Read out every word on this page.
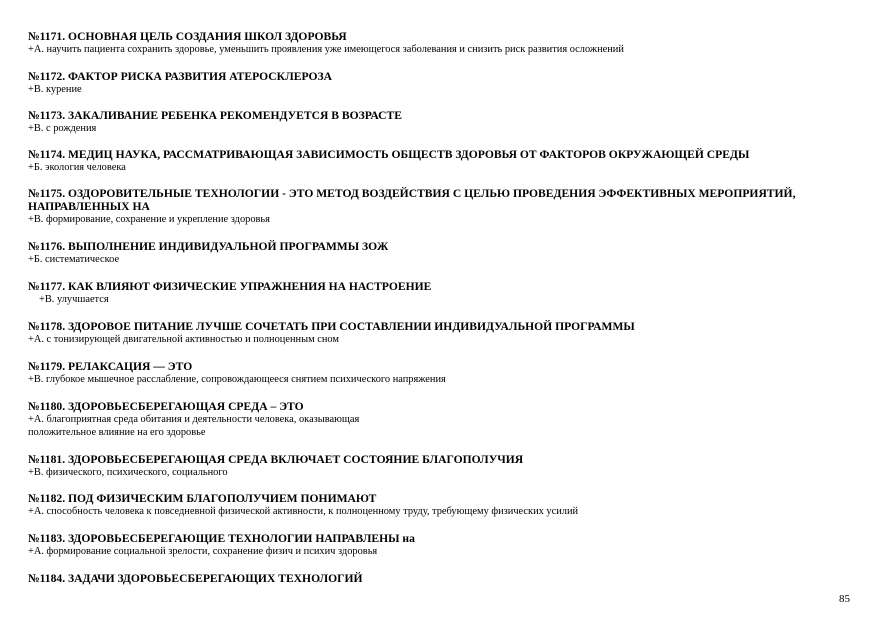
№1171. ОСНОВНАЯ ЦЕЛЬ СОЗДАНИЯ ШКОЛ ЗДОРОВЬЯ
+А. научить пациента сохранить здоровье, уменьшить проявления уже имеющегося заболевания и снизить риск развития осложнений
№1172. ФАКТОР РИСКА РАЗВИТИЯ АТЕРОСКЛЕРОЗА
+В. курение
№1173. ЗАКАЛИВАНИЕ РЕБЕНКА РЕКОМЕНДУЕТСЯ В ВОЗРАСТЕ
+В. с рождения
№1174. МЕДИЦ НАУКА, РАССМАТРИВАЮЩАЯ ЗАВИСИМОСТЬ ОБЩЕСТВ ЗДОРОВЬЯ ОТ ФАКТОРОВ ОКРУЖАЮЩЕЙ СРЕДЫ
+Б. экология человека
№1175. ОЗДОРОВИТЕЛЬНЫЕ ТЕХНОЛОГИИ - ЭТО МЕТОД ВОЗДЕЙСТВИЯ С ЦЕЛЬЮ ПРОВЕДЕНИЯ ЭФФЕКТИВНЫХ МЕРОПРИЯТИЙ,
НАПРАВЛЕННЫХ НА
+В. формирование, сохранение и укрепление здоровья
№1176. ВЫПОЛНЕНИЕ ИНДИВИДУАЛЬНОЙ ПРОГРАММЫ ЗОЖ
+Б. систематическое
№1177. КАК ВЛИЯЮТ ФИЗИЧЕСКИЕ УПРАЖНЕНИЯ НА НАСТРОЕНИЕ
+В. улучшается
№1178. ЗДОРОВОЕ ПИТАНИЕ ЛУЧШЕ СОЧЕТАТЬ ПРИ СОСТАВЛЕНИИ ИНДИВИДУАЛЬНОЙ ПРОГРАММЫ
+А. с тонизирующей двигательной активностью и полноценным сном
№1179. РЕЛАКСАЦИЯ — ЭТО
+В. глубокое мышечное расслабление, сопровождающееся снятием психического напряжения
№1180. ЗДОРОВЬЕСБЕРЕГАЮЩАЯ СРЕДА – ЭТО
+А. благоприятная среда обитания и деятельности человека, оказывающая
положительное влияние на его здоровье
№1181. ЗДОРОВЬЕСБЕРЕГАЮЩАЯ СРЕДА ВКЛЮЧАЕТ СОСТОЯНИЕ БЛАГОПОЛУЧИЯ
+В. физического, психического, социального
№1182. ПОД ФИЗИЧЕСКИМ БЛАГОПОЛУЧИЕМ ПОНИМАЮТ
+А. способность человека к повседневной физической активности, к полноценному труду, требующему физических усилий
№1183. ЗДОРОВЬЕСБЕРЕГАЮЩИЕ ТЕХНОЛОГИИ НАПРАВЛЕНЫ на
+А. формирование социальной зрелости, сохранение физич и психич здоровья
№1184. ЗАДАЧИ ЗДОРОВЬЕСБЕРЕГАЮЩИХ ТЕХНОЛОГИЙ
85
